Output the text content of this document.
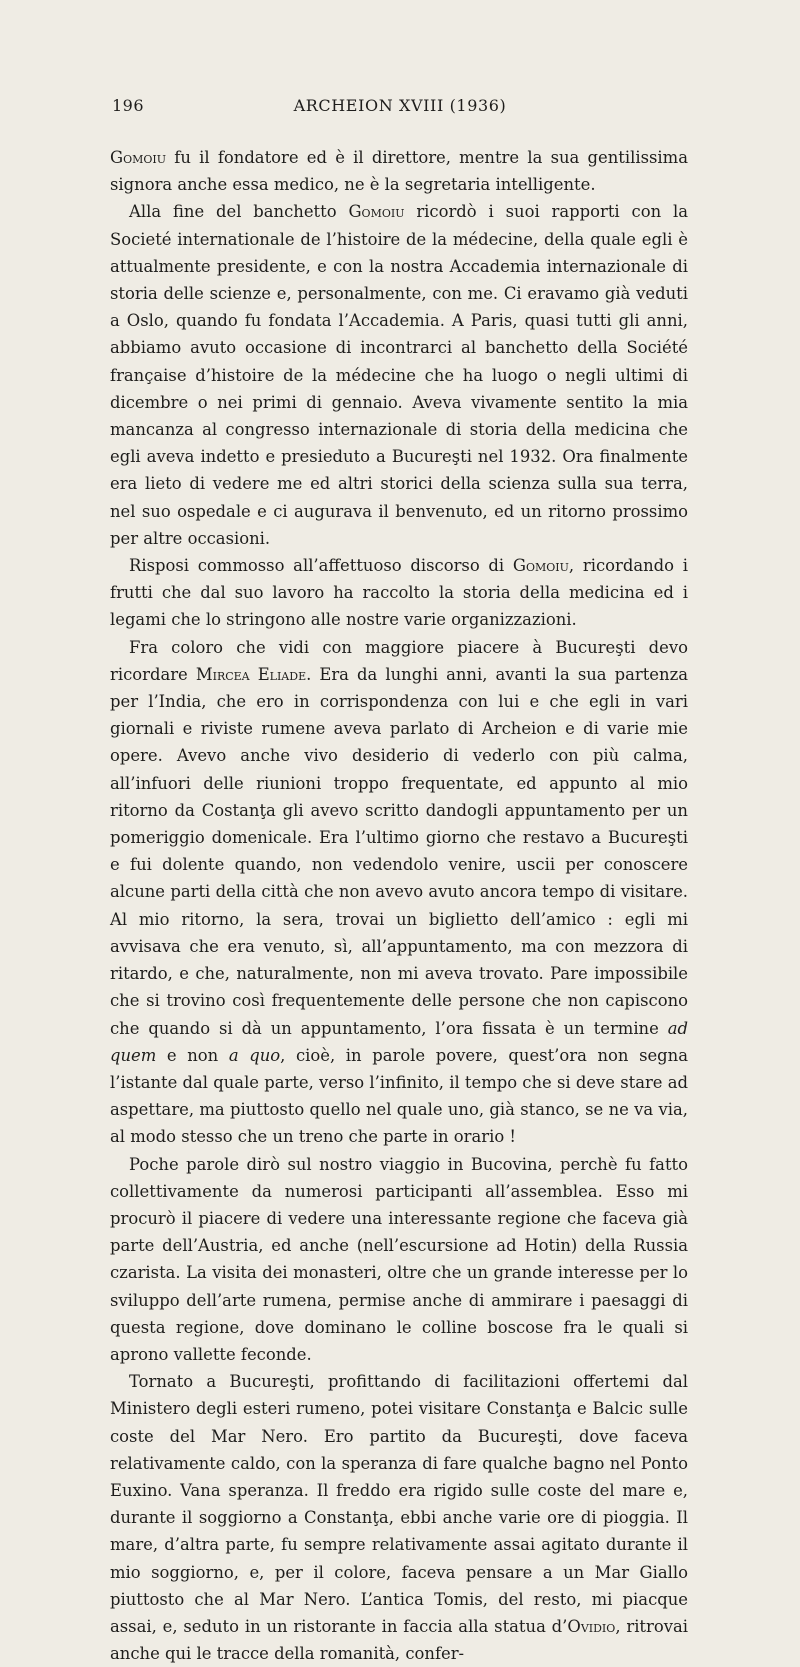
196	ARCHEION XVIII (1936)

Gomoiu fu il fondatore ed è il direttore, mentre la sua gentilissima signora anche essa medico, ne è la segretaria intelligente.

Alla fine del banchetto Gomoiu ricordò i suoi rapporti con la Societé internationale de l’histoire de la médecine, della quale egli è attualmente presidente, e con la nostra Accademia internazionale di storia delle scienze e, personalmente, con me. Ci eravamo già veduti a Oslo, quando fu fondata l’Accademia. A Paris, quasi tutti gli anni, abbiamo avuto occasione di incontrarci al banchetto della Société française d’histoire de la médecine che ha luogo o negli ultimi di dicembre o nei primi di gennaio. Aveva vivamente sentito la mia mancanza al congresso internazionale di storia della medicina che egli aveva indetto e presieduto a Bucureşti nel 1932. Ora finalmente era lieto di vedere me ed altri storici della scienza sulla sua terra, nel suo ospedale e ci augurava il benvenuto, ed un ritorno prossimo per altre occasioni.

Risposi commosso all’affettuoso discorso di Gomoiu, ricordando i frutti che dal suo lavoro ha raccolto la storia della medicina ed i legami che lo stringono alle nostre varie organizzazioni.

Fra coloro che vidi con maggiore piacere à Bucureşti devo ricordare Mircea Eliade. Era da lunghi anni, avanti la sua partenza per l’India, che ero in corrispondenza con lui e che egli in vari giornali e riviste rumene aveva parlato di Archeion e di varie mie opere. Avevo anche vivo desiderio di vederlo con più calma, all’infuori delle riunioni troppo frequentate, ed appunto al mio ritorno da Costanţa gli avevo scritto dandogli appuntamento per un pomeriggio domenicale. Era l’ultimo giorno che restavo a Bucureşti e fui dolente quando, non vedendolo venire, uscii per conoscere alcune parti della città che non avevo avuto ancora tempo di visitare. Al mio ritorno, la sera, trovai un biglietto dell’amico : egli mi avvisava che era venuto, sì, all’appuntamento, ma con mezzora di ritardo, e che, naturalmente, non mi aveva trovato. Pare impossibile che si trovino così frequentemente delle persone che non capiscono che quando si dà un appuntamento, l’ora fissata è un termine ad quem e non a quo, cioè, in parole povere, quest’ora non segna l’istante dal quale parte, verso l’infinito, il tempo che si deve stare ad aspettare, ma piuttosto quello nel quale uno, già stanco, se ne va via, al modo stesso che un treno che parte in orario !

Poche parole dirò sul nostro viaggio in Bucovina, perchè fu fatto collettivamente da numerosi participanti all’assemblea. Esso mi procurò il piacere di vedere una interessante regione che faceva già parte dell’Austria, ed anche (nell’escursione ad Hotin) della Russia czarista. La visita dei monasteri, oltre che un grande interesse per lo sviluppo dell’arte rumena, permise anche di ammirare i paesaggi di questa regione, dove dominano le colline boscose fra le quali si aprono vallette feconde.

Tornato a Bucureşti, profittando di facilitazioni offertemi dal Ministero degli esteri rumeno, potei visitare Constanţa e Balcic sulle coste del Mar Nero. Ero partito da Bucureşti, dove faceva relativamente caldo, con la speranza di fare qualche bagno nel Ponto Euxino. Vana speranza. Il freddo era rigido sulle coste del mare e, durante il soggiorno a Constanţa, ebbi anche varie ore di pioggia. Il mare, d’altra parte, fu sempre relativamente assai agitato durante il mio soggiorno, e, per il colore, faceva pensare a un Mar Giallo piuttosto che al Mar Nero. L’antica Tomis, del resto, mi piacque assai, e, seduto in un ristorante in faccia alla statua d’Ovidio, ritrovai anche qui le tracce della romanità, confer-
